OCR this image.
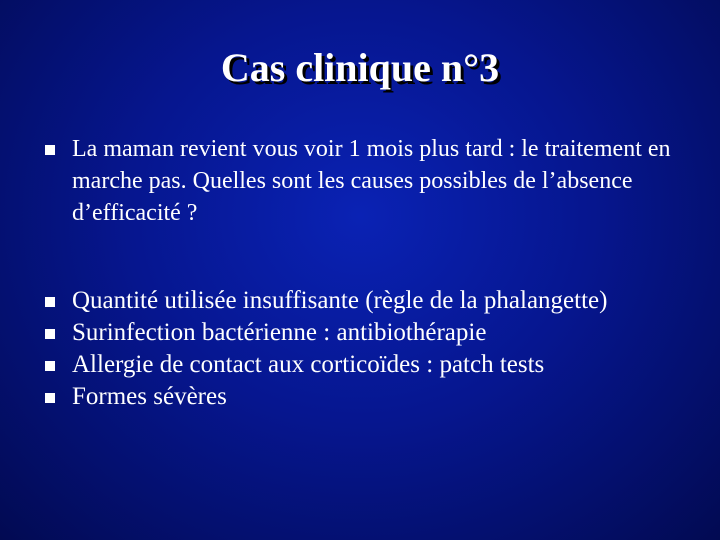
Cas clinique n°3
La maman revient vous voir 1 mois plus tard : le traitement en marche pas. Quelles sont les causes possibles de l’absence d’efficacité ?
Quantité utilisée insuffisante (règle de la phalangette)
Surinfection bactérienne : antibiothérapie
Allergie de contact aux corticoïdes : patch tests
Formes sévères
